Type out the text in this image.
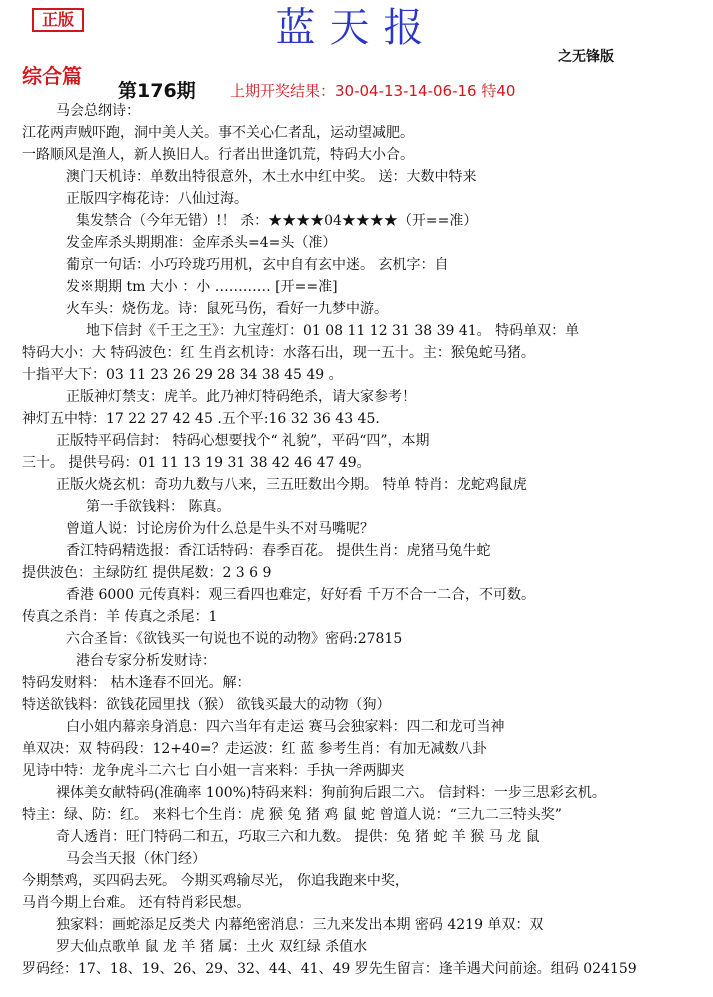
正版	蓝天报
之无锋版
综合篇
第176期 上期开奖结果：30-04-13-14-06-16 特40
马会总纲诗：
江花两声贼吓跑，洞中美人关。事不关心仁者乱，运动望减肥。
一路顺风是渔人，新人换旧人。行者出世逢饥荒，特码大小合。
澳门天机诗：单数出特很意外，木土水中红中奖。 送：大数中特来
正版四字梅花诗：八仙过海。
集发禁合（今年无错）!！ 杀：★★★★04★★★★（开==准）
发金库杀头期期准：金库杀头=4=头（准）
葡京一句话：小巧玲珑巧用机，玄中自有玄中迷。 玄机字：自
发※期期 tm 大小 ：小 ………… [开==准]
火车头：烧伤龙。诗：鼠死马伤，看好一九梦中游。
地下信封《千王之王》：九宝莲灯：01 08 11 12 31 38 39 41。 特码单双：单
特码大小：大 特码波色：红 生肖玄机诗：水落石出，现一五十。主：猴兔蛇马猪。
十指平大下：03 11 23 26 29 28 34 38 45 49 。
正版神灯禁支：虎羊。此乃神灯特码绝杀，请大家参考！
神灯五中特：17 22 27 42 45 .五个平:16 32 36 43 45.
正版特平码信封： 特码心想要找个“ 礼貌”，平码“四”，本期
三十。 提供号码：01 11 13 19 31 38 42 46 47 49。
正版火烧玄机：奇功九数与八来，三五旺数出今期。 特单 特肖：龙蛇鸡鼠虎
第一手欲钱料： 陈真。
曾道人说：讨论房价为什么总是牛头不对马嘴呢？
香江特码精选报：香江话特码：春季百花。 提供生肖：虎猪马兔牛蛇
提供波色：主绿防红 提供尾数：2 3 6 9
香港 6000 元传真料：观三看四也难定，好好看 千万不合一二合，不可数。
传真之杀肖：羊 传真之杀尾：1
六合圣旨：《欲钱买一句说也不说的动物》密码:27815
港台专家分析发财诗：
特码发财料： 枯木逢春不回光。解：
特送欲钱料：欲钱花园里找（猴） 欲钱买最大的动物（狗）
白小姐内幕亲身消息：四六当年有走运 赛马会独家料：四二和龙可当神
单双决：双 特码段：12+40=？走运波：红 蓝 参考生肖：有加无减数八卦
见诗中特：龙争虎斗二六七 白小姐一言来料：手执一斧两脚夹
裸体美女献特码(准确率 100%)特码来料：狗前狗后跟二六。 信封料：一步三思彩玄机。
特主：绿、防：红。 来料七个生肖：虎 猴 兔 猪 鸡 鼠 蛇 曾道人说：“三九二三特头奖”
奇人透肖：旺门特码二和五，巧取三六和九数。 提供：兔 猪 蛇 羊 猴 马 龙 鼠
马会当天报（休门经）
今期禁鸡，买四码去死。 今期买鸡输尽光， 你追我跑来中奖，
马肖今期上台难。 还有特肖彩民想。
独家料：画蛇添足反类犬 内幕绝密消息：三九来发出本期 密码 4219 单双：双
罗大仙点歌单 鼠 龙 羊 猪 属：土火 双红绿 杀值水
罗码经：17、18、19、26、29、32、44、41、49 罗先生留言：逢羊遇犬问前途。组码 024159
